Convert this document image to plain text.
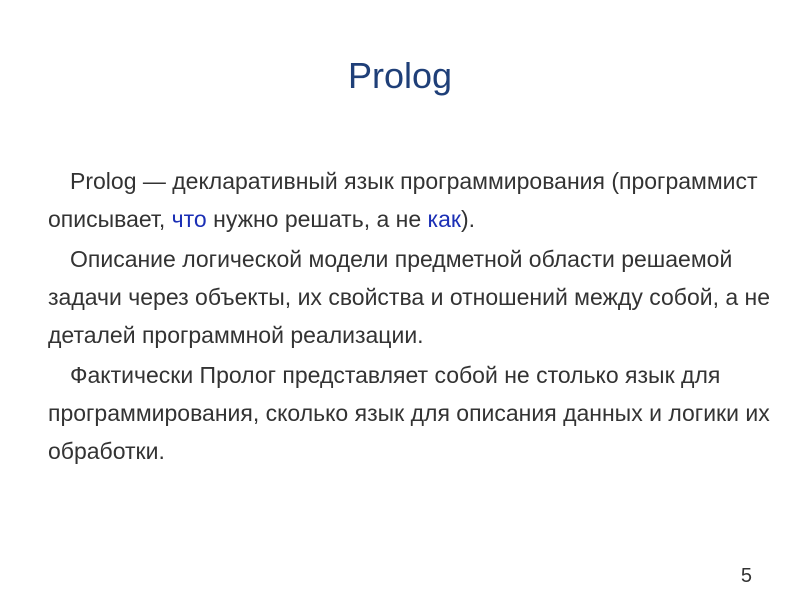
Prolog

Prolog — декларативный язык программирования (программист описывает, что нужно решать, а не как).

Описание логической модели предметной области решаемой задачи через объекты, их свойства и отношений между собой, а не деталей программной реализации.

Фактически Пролог представляет собой не столько язык для программирования, сколько язык для описания данных и логики их обработки.

5
